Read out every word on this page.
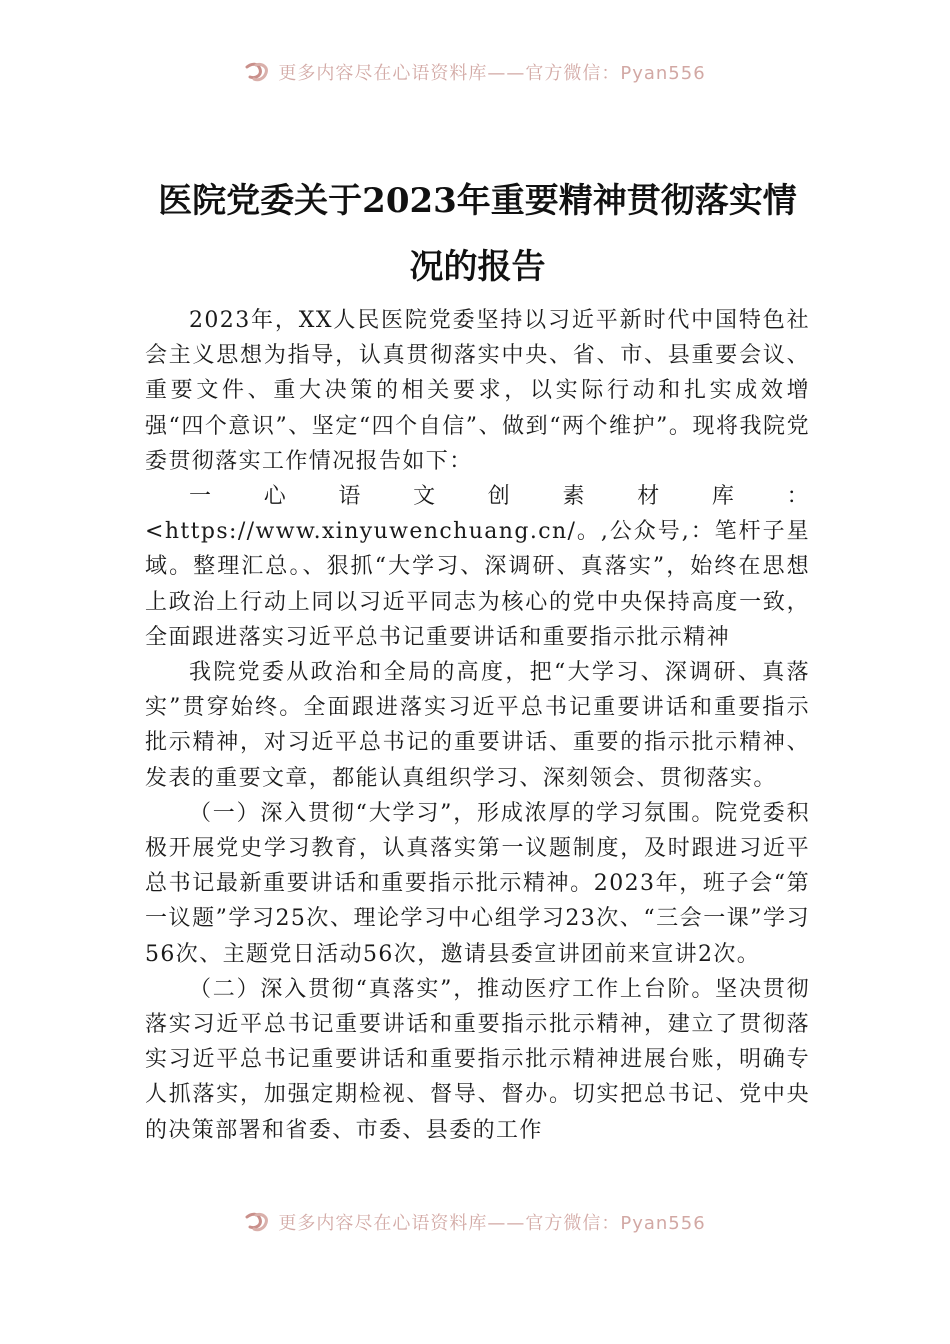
更多内容尽在心语资料库——官方微信：Pyan556
医院党委关于2023年重要精神贯彻落实情况的报告

2023年，XX人民医院党委坚持以习近平新时代中国特色社会主义思想为指导，认真贯彻落实中央、省、市、县重要会议、重要文件、重大决策的相关要求，以实际行动和扎实成效增强“四个意识”、坚定“四个自信”、做到“两个维护”。现将我院党委贯彻落实工作情况报告如下：

一心语文创素材库：<https://www.xinyuwenchuang.cn/。,公众号,：笔杆子星域。整理汇总。、狠抓“大学习、深调研、真落实”，始终在思想上政治上行动上同以习近平同志为核心的党中央保持高度一致，全面跟进落实习近平总书记重要讲话和重要指示批示精神

我院党委从政治和全局的高度，把“大学习、深调研、真落实”贯穿始终。全面跟进落实习近平总书记重要讲话和重要指示批示精神，对习近平总书记的重要讲话、重要的指示批示精神、发表的重要文章，都能认真组织学习、深刻领会、贯彻落实。

（一）深入贯彻“大学习”，形成浓厚的学习氛围。院党委积极开展党史学习教育，认真落实第一议题制度，及时跟进习近平总书记最新重要讲话和重要指示批示精神。2023年，班子会“第一议题”学习25次、理论学习中心组学习23次、“三会一课”学习56次、主题党日活动56次，邀请县委宣讲团前来宣讲2次。

（二）深入贯彻“真落实”，推动医疗工作上台阶。坚决贯彻落实习近平总书记重要讲话和重要指示批示精神，建立了贯彻落实习近平总书记重要讲话和重要指示批示精神进展台账，明确专人抓落实，加强定期检视、督导、督办。切实把总书记、党中央的决策部署和省委、市委、县委的工作

更多内容尽在心语资料库——官方微信：Pyan556
